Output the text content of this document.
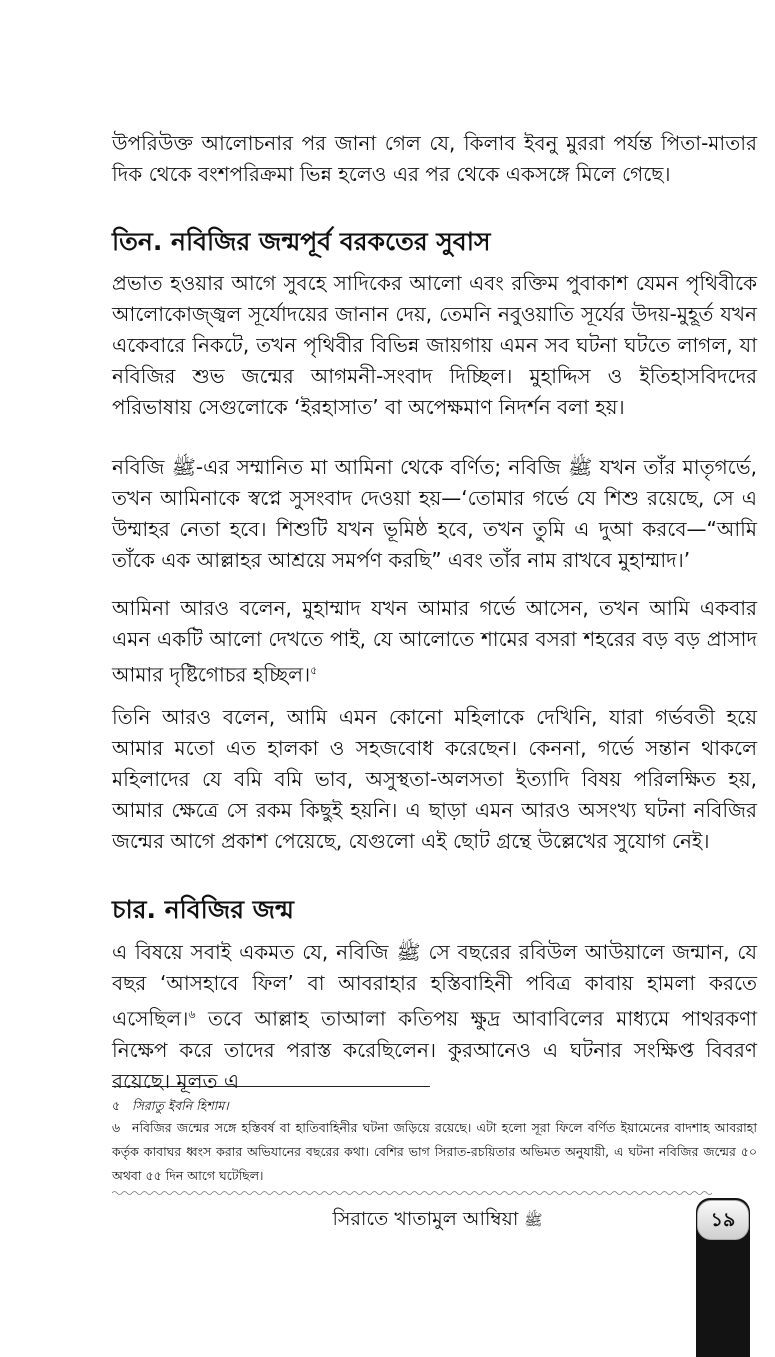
উপরিউক্ত আলোচনার পর জানা গেল যে, কিলাব ইবনু মুররা পর্যন্ত পিতা-মাতার দিক থেকে বংশপরিক্রমা ভিন্ন হলেও এর পর থেকে একসঙ্গে মিলে গেছে।
তিন. নবিজির জন্মপূর্ব বরকতের সুবাস
প্রভাত হওয়ার আগে সুবহে সাদিকের আলো এবং রক্তিম পুবাকাশ যেমন পৃথিবীকে আলোকোজ্জ্বল সূর্যোদয়ের জানান দেয়, তেমনি নবুওয়াতি সূর্যের উদয়-মুহূর্ত যখন একেবারে নিকটে, তখন পৃথিবীর বিভিন্ন জায়গায় এমন সব ঘটনা ঘটতে লাগল, যা নবিজির শুভ জন্মের আগমনী-সংবাদ দিচ্ছিল। মুহাদ্দিস ও ইতিহাসবিদদের পরিভাষায় সেগুলোকে ‘ইরহাসাত’ বা অপেক্ষমাণ নিদর্শন বলা হয়।
নবিজি ﷺ-এর সম্মানিত মা আমিনা থেকে বর্ণিত; নবিজি ﷺ যখন তাঁর মাতৃগর্ভে, তখন আমিনাকে স্বপ্নে সুসংবাদ দেওয়া হয়—‘তোমার গর্ভে যে শিশু রয়েছে, সে এ উম্মাহর নেতা হবে। শিশুটি যখন ভূমিষ্ঠ হবে, তখন তুমি এ দুআ করবে—“আমি তাঁকে এক আল্লাহর আশ্রয়ে সমর্পণ করছি” এবং তাঁর নাম রাখবে মুহাম্মাদ।’
আমিনা আরও বলেন, মুহাম্মাদ যখন আমার গর্ভে আসেন, তখন আমি একবার এমন একটি আলো দেখতে পাই, যে আলোতে শামের বসরা শহরের বড় বড় প্রাসাদ আমার দৃষ্টিগোচর হচ্ছিল।$^৫$
তিনি আরও বলেন, আমি এমন কোনো মহিলাকে দেখিনি, যারা গর্ভবতী হয়ে আমার মতো এত হালকা ও সহজবোধ করেছেন। কেননা, গর্ভে সন্তান থাকলে মহিলাদের যে বমি বমি ভাব, অসুস্থতা-অলসতা ইত্যাদি বিষয় পরিলক্ষিত হয়, আমার ক্ষেত্রে সে রকম কিছুই হয়নি। এ ছাড়া এমন আরও অসংখ্য ঘটনা নবিজির জন্মের আগে প্রকাশ পেয়েছে, যেগুলো এই ছোট গ্রন্থে উল্লেখের সুযোগ নেই।
চার. নবিজির জন্ম
এ বিষয়ে সবাই একমত যে, নবিজি ﷺ সে বছরের রবিউল আউয়ালে জন্মান, যে বছর ‘আসহাবে ফিল’ বা আবরাহার হস্তিবাহিনী পবিত্র কাবায় হামলা করতে এসেছিল।$^৬$ তবে আল্লাহ তাআলা কতিপয় ক্ষুদ্র আবাবিলের মাধ্যমে পাথরকণা নিক্ষেপ করে তাদের পরাস্ত করেছিলেন। কুরআনেও এ ঘটনার সংক্ষিপ্ত বিবরণ রয়েছে। মূলত এ
৫ সিরাতু ইবনি হিশাম।
৬ নবিজির জন্মের সঙ্গে হস্তিবর্ষ বা হাতিবাহিনীর ঘটনা জড়িয়ে রয়েছে। এটা হলো সূরা ফিলে বর্ণিত ইয়ামেনের বাদশাহ আবরাহা কর্তৃক কাবাঘর ধ্বংস করার অভিযানের বছরের কথা। বেশির ভাগ সিরাত-রচয়িতার অভিমত অনুযায়ী, এ ঘটনা নবিজির জন্মের ৫০ অথবা ৫৫ দিন আগে ঘটেছিল।
সিরাতে খাতামুল আম্বিয়া ﷺ	১৯
